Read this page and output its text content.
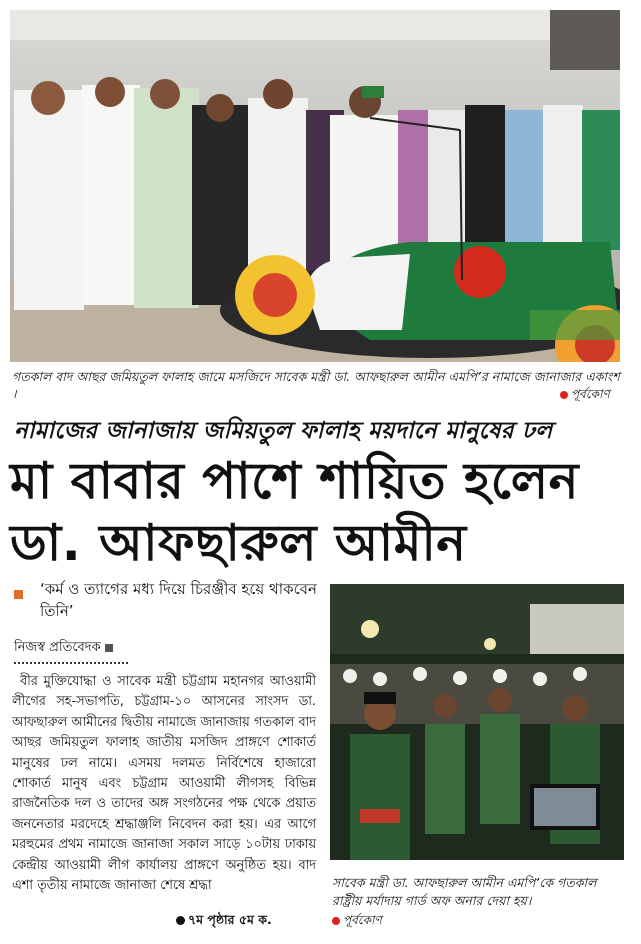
গতকাল বাদ আছর জমিয়তুল ফালাহ জামে মসজিদে সাবেক মন্ত্রী ডা. আফছারুল আমীন এমপি’র নামাজে জানাজার একাংশ ।	পূর্বকোণ
নামাজের জানাজায় জমিয়তুল ফালাহ ময়দানে মানুষের ঢল
মা বাবার পাশে শায়িত হলেন
ডা. আফছারুল আমীন
‘কর্ম ও ত্যাগের মধ্য দিয়ে চিরঞ্জীব হয়ে থাকবেন তিনি’
নিজস্ব প্রতিবেদক
বীর মুক্তিযোদ্ধা ও সাবেক মন্ত্রী চট্টগ্রাম মহানগর আওয়ামী লীগের সহ-সভাপতি, চট্টগ্রাম-১০ আসনের সাংসদ ডা. আফছারুল আমীনের দ্বিতীয় নামাজে জানাজায় গতকাল বাদ আছর জমিয়তুল ফালাহ জাতীয় মসজিদ প্রাঙ্গণে শোকার্ত মানুষের ঢল নামে। এসময় দলমত নির্বিশেষে হাজারো শোকার্ত মানুষ এবং চট্টগ্রাম আওয়ামী লীগসহ বিভিন্ন রাজনৈতিক দল ও তাদের অঙ্গ সংগঠনের পক্ষ থেকে প্রয়াত জননেতার মরদেহে শ্রদ্ধাঞ্জলি নিবেদন করা হয়। এর আগে মরহুমের প্রথম নামাজে জানাজা সকাল সাড়ে ১০টায় ঢাকায় কেন্দ্রীয় আওয়ামী লীগ কার্যালয় প্রাঙ্গণে অনুষ্ঠিত হয়। বাদ এশা তৃতীয় নামাজে জানাজা শেষে শ্রদ্ধা
৭ম পৃষ্ঠার ৫ম ক.
সাবেক মন্ত্রী ডা. আফছারুল আমীন এমপি’কে গতকাল রাষ্ট্রীয় মর্যাদায় গার্ড অফ অনার দেয়া হয়।
পূর্বকোণ
